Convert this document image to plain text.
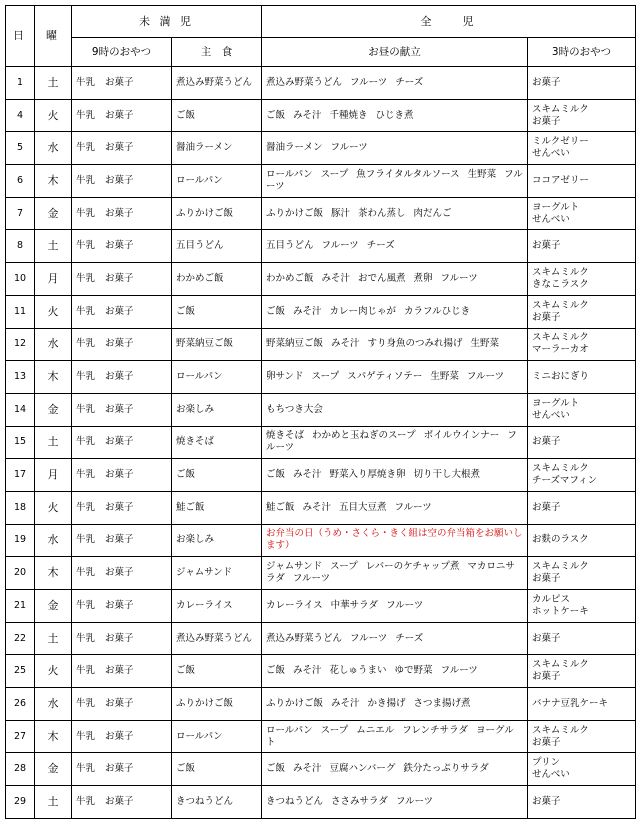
日	曜	未 満 児		全　　児	
		9時のおやつ	主　食	お昼の献立	3時のおやつ
1	土	牛乳 お菓子	煮込み野菜うどん	煮込み野菜うどん フルーツ チーズ	お菓子

4	火	牛乳 お菓子	ご飯	ご飯 みそ汁 千種焼き ひじき煮	スキムミルク
お菓子

5	水	牛乳 お菓子	醤油ラーメン	醤油ラーメン フルーツ	ミルクゼリー
せんべい

6	木	牛乳 お菓子	ロールパン	ロールパン スープ 魚フライタルタルソース 生野菜 フルーツ	ココアゼリー

7	金	牛乳 お菓子	ふりかけご飯	ふりかけご飯 豚汁 茶わん蒸し 肉だんご	ヨーグルト
せんべい

8	土	牛乳 お菓子	五目うどん	五目うどん フルーツ チーズ	お菓子

10	月	牛乳 お菓子	わかめご飯	わかめご飯 みそ汁 おでん風煮 煮卵 フルーツ	スキムミルク
きなこラスク

11	火	牛乳 お菓子	ご飯	ご飯 みそ汁 カレー肉じゃが カラフルひじき	スキムミルク
お菓子

12	水	牛乳 お菓子	野菜納豆ご飯	野菜納豆ご飯 みそ汁 すり身魚のつみれ揚げ 生野菜	スキムミルク
マーラーカオ

13	木	牛乳 お菓子	ロールパン	卵サンド スープ スパゲティソテー 生野菜 フルーツ	ミニおにぎり

14	金	牛乳 お菓子	お楽しみ	もちつき大会	ヨーグルト
せんべい

15	土	牛乳 お菓子	焼きそば	焼きそば わかめと玉ねぎのスープ ボイルウインナー フルーツ	お菓子

17	月	牛乳 お菓子	ご飯	ご飯 みそ汁 野菜入り厚焼き卵 切り干し大根煮	スキムミルク
チーズマフィン

18	火	牛乳 お菓子	鮭ご飯	鮭ご飯 みそ汁 五目大豆煮 フルーツ	お菓子

19	水	牛乳 お菓子	お楽しみ	お弁当の日（うめ・さくら・きく組は空の弁当箱をお願いします）	お麩のラスク

20	木	牛乳 お菓子	ジャムサンド	ジャムサンド スープ レバーのケチャップ煮 マカロニサラダ フルーツ	スキムミルク
お菓子

21	金	牛乳 お菓子	カレーライス	カレーライス 中華サラダ フルーツ	カルピス
ホットケーキ

22	土	牛乳 お菓子	煮込み野菜うどん	煮込み野菜うどん フルーツ チーズ	お菓子

25	火	牛乳 お菓子	ご飯	ご飯 みそ汁 花しゅうまい ゆで野菜 フルーツ	スキムミルク
お菓子

26	水	牛乳 お菓子	ふりかけご飯	ふりかけご飯 みそ汁 かき揚げ さつま揚げ煮	バナナ豆乳ケーキ

27	木	牛乳 お菓子	ロールパン	ロールパン スープ ムニエル フレンチサラダ ヨーグルト	スキムミルク
お菓子

28	金	牛乳 お菓子	ご飯	ご飯 みそ汁 豆腐ハンバーグ 鉄分たっぷりサラダ	プリン
せんべい

29	土	牛乳 お菓子	きつねうどん	きつねうどん ささみサラダ フルーツ	お菓子
